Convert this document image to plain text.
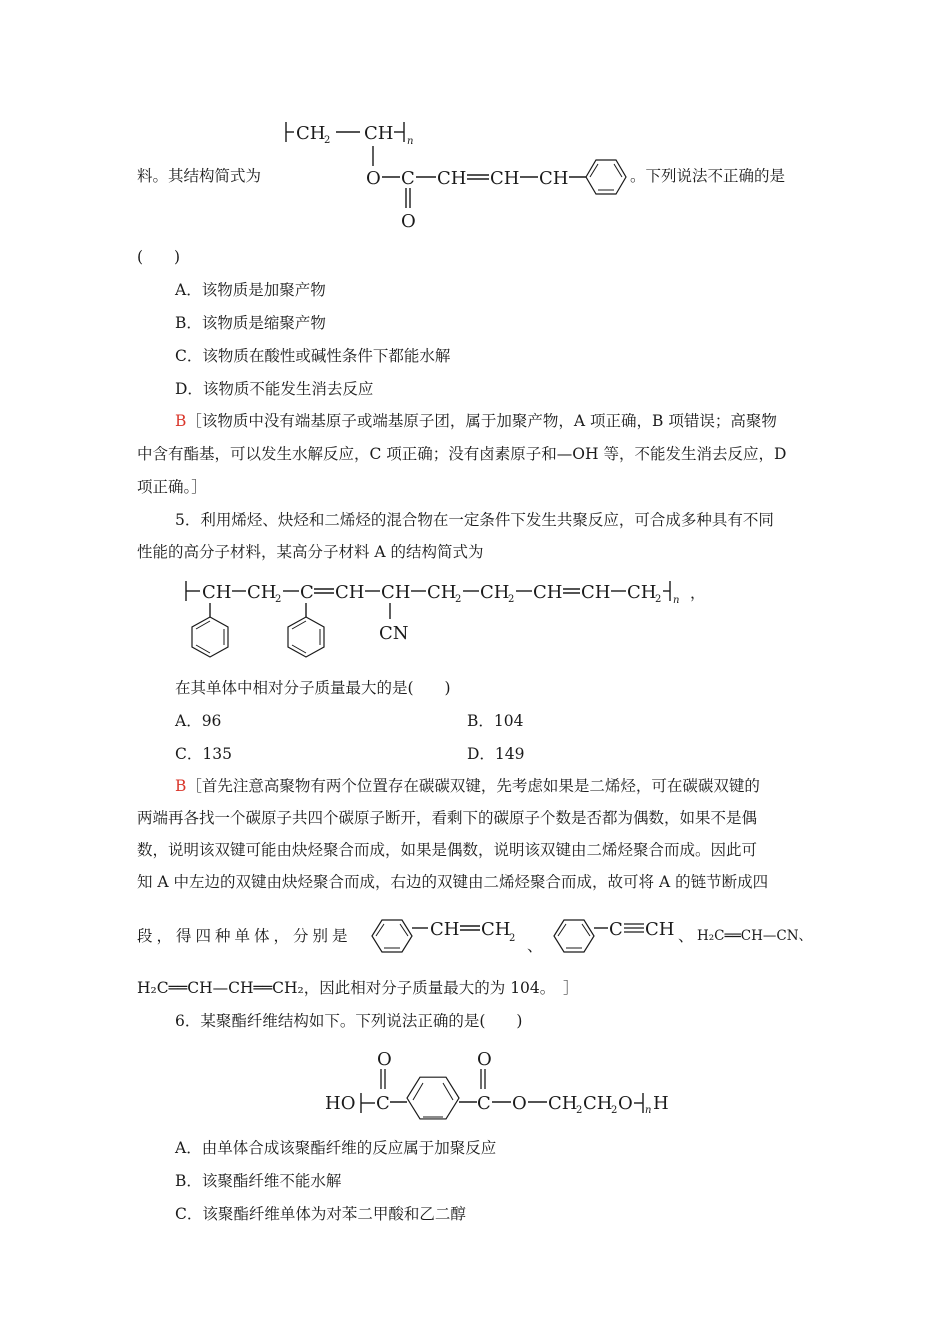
CH
2 CH n
O C CH CH CH
O
料。其结构简式为	。下列说法不正确的是
(　　)
A．该物质是加聚产物
B．该物质是缩聚产物
C．该物质在酸性或碱性条件下都能水解
D．该物质不能发生消去反应
B［该物质中没有端基原子或端基原子团，属于加聚产物，A 项正确，B 项错误；高聚物
中含有酯基，可以发生水解反应，C 项正确；没有卤素原子和—OH 等，不能发生消去反应，D
项正确。］
5．利用烯烃、炔烃和二烯烃的混合物在一定条件下发生共聚反应，可合成多种具有不同
性能的高分子材料，某高分子材料 A 的结构简式为
CH CH
2 C CH CH CH
2 CH
2 CH CH CH
2 n
CN
，
在其单体中相对分子质量最大的是(　　)
A．96	B．104
C．135	D．149
B［首先注意高聚物有两个位置存在碳碳双键，先考虑如果是二烯烃，可在碳碳双键的
两端再各找一个碳原子共四个碳原子断开，看剩下的碳原子个数是否都为偶数，如果不是偶
数，说明该双键可能由炔烃聚合而成，如果是偶数，说明该双键由二烯烃聚合而成。因此可
知 A 中左边的双键由炔烃聚合而成，右边的双键由二烯烃聚合而成，故可将 A 的链节断成四
段，得四种单体，分别是	CH CH
2	C CH
、
、 H₂C══CH—CN、
H₂C══CH—CH══CH₂，因此相对分子质量最大的为 104。　］
6．某聚酯纤维结构如下。下列说法正确的是(　　)
O
HO C
O
C O CH
2 CH
2 O n H
A．由单体合成该聚酯纤维的反应属于加聚反应
B．该聚酯纤维不能水解
C．该聚酯纤维单体为对苯二甲酸和乙二醇
